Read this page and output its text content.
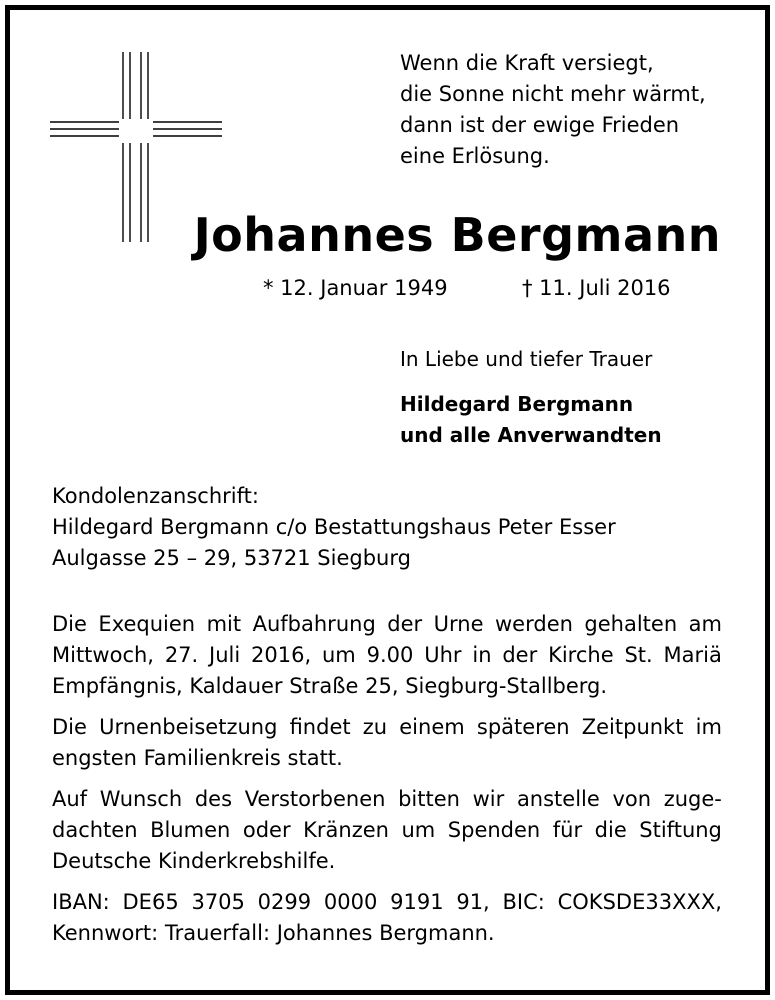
Wenn die Kraft versiegt,
die Sonne nicht mehr wärmt,
dann ist der ewige Frieden
eine Erlösung.
Johannes Bergmann
* 12. Januar 1949	† 11. Juli 2016
In Liebe und tiefer Trauer
Hildegard Bergmann
und alle Anverwandten
Kondolenzanschrift:
Hildegard Bergmann c/o Bestattungshaus Peter Esser
Aulgasse 25 – 29, 53721 Siegburg
Die Exequien mit Aufbahrung der Urne werden gehalten am
Mittwoch, 27. Juli 2016, um 9.00 Uhr in der Kirche St. Mariä
Empfängnis, Kaldauer Straße 25, Siegburg-Stallberg.
Die Urnenbeisetzung findet zu einem späteren Zeitpunkt im
engsten Familienkreis statt.
Auf Wunsch des Verstorbenen bitten wir anstelle von zuge-
dachten Blumen oder Kränzen um Spenden für die Stiftung
Deutsche Kinderkrebshilfe.
IBAN: DE65 3705 0299 0000 9191 91, BIC: COKSDE33XXX,
Kennwort: Trauerfall: Johannes Bergmann.
